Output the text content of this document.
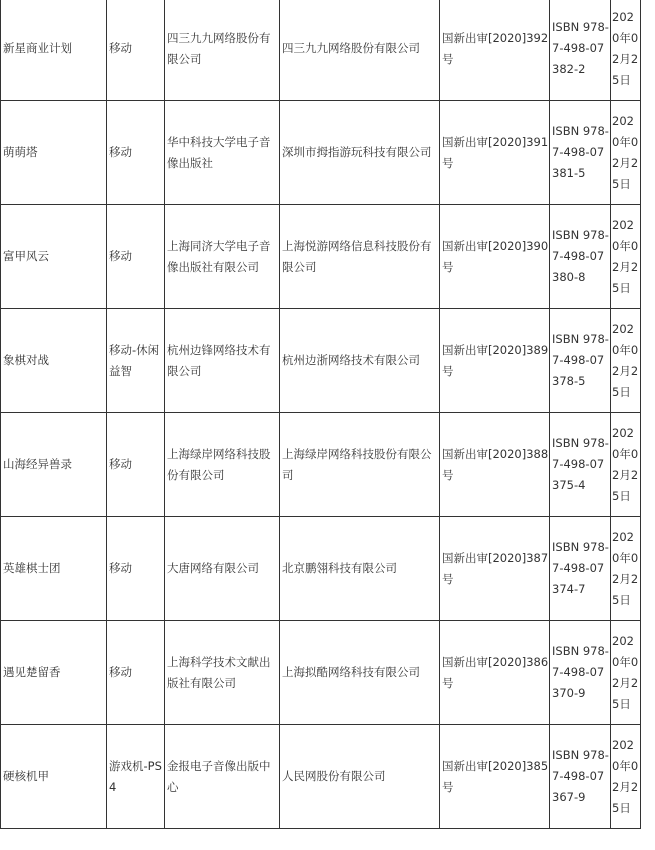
新星商业计划	移动	四三九九网络股份有限公司	四三九九网络股份有限公司	国新出审[2020]392号	ISBN 978-7-498-07382-2	2020年02月25日
萌萌塔	移动	华中科技大学电子音像出版社	深圳市拇指游玩科技有限公司	国新出审[2020]391号	ISBN 978-7-498-07381-5	2020年02月25日
富甲风云	移动	上海同济大学电子音像出版社有限公司	上海悦游网络信息科技股份有限公司	国新出审[2020]390号	ISBN 978-7-498-07380-8	2020年02月25日
象棋对战	移动-休闲益智	杭州边锋网络技术有限公司	杭州边浙网络技术有限公司	国新出审[2020]389号	ISBN 978-7-498-07378-5	2020年02月25日
山海经异兽录	移动	上海绿岸网络科技股份有限公司	上海绿岸网络科技股份有限公司	国新出审[2020]388号	ISBN 978-7-498-07375-4	2020年02月25日
英雄棋士团	移动	大唐网络有限公司	北京鹏翎科技有限公司	国新出审[2020]387号	ISBN 978-7-498-07374-7	2020年02月25日
遇见楚留香	移动	上海科学技术文献出版社有限公司	上海拟酷网络科技有限公司	国新出审[2020]386号	ISBN 978-7-498-07370-9	2020年02月25日
硬核机甲	游戏机-PS4	金报电子音像出版中心	人民网股份有限公司	国新出审[2020]385号	ISBN 978-7-498-07367-9	2020年02月25日
